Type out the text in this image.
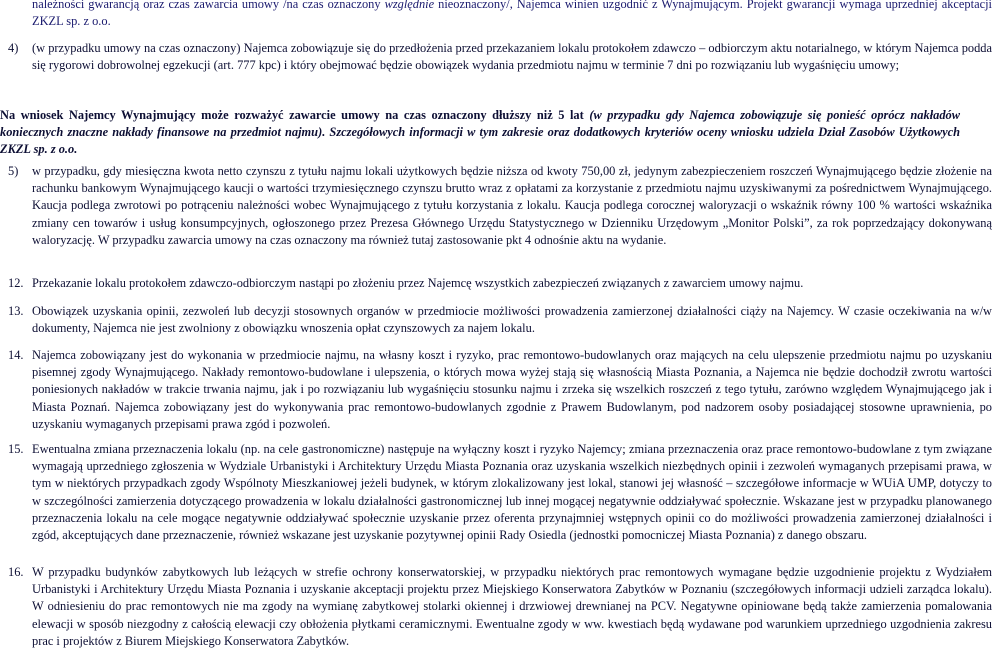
należności gwarancją oraz czas zawarcia umowy /na czas oznaczony względnie nieoznaczony/, Najemca winien uzgodnić z Wynajmującym. Projekt gwarancji wymaga uprzedniej akceptacji ZKZL sp. z o.o.

4) (w przypadku umowy na czas oznaczony) Najemca zobowiązuje się do przedłożenia przed przekazaniem lokalu protokołem zdawczo – odbiorczym aktu notarialnego, w którym Najemca podda się rygorowi dobrowolnej egzekucji (art. 777 kpc) i który obejmować będzie obowiązek wydania przedmiotu najmu w terminie 7 dni po rozwiązaniu lub wygaśnięciu umowy;

Na wniosek Najemcy Wynajmujący może rozważyć zawarcie umowy na czas oznaczony dłuższy niż 5 lat (w przypadku gdy Najemca zobowiązuje się ponieść oprócz nakładów koniecznych znaczne nakłady finansowe na przedmiot najmu). Szczegółowych informacji w tym zakresie oraz dodatkowych kryteriów oceny wniosku udziela Dział Zasobów Użytkowych ZKZL sp. z o.o.

5) w przypadku, gdy miesięczna kwota netto czynszu z tytułu najmu lokali użytkowych będzie niższa od kwoty 750,00 zł, jedynym zabezpieczeniem roszczeń Wynajmującego będzie złożenie na rachunku bankowym Wynajmującego kaucji o wartości trzymiesięcznego czynszu brutto wraz z opłatami za korzystanie z przedmiotu najmu uzyskiwanymi za pośrednictwem Wynajmującego. Kaucja podlega zwrotowi po potrąceniu należności wobec Wynajmującego z tytułu korzystania z lokalu. Kaucja podlega corocznej waloryzacji o wskaźnik równy 100 % wartości wskaźnika zmiany cen towarów i usług konsumpcyjnych, ogłoszonego przez Prezesa Głównego Urzędu Statystycznego w Dzienniku Urzędowym „Monitor Polski”, za rok poprzedzający dokonywaną waloryzację. W przypadku zawarcia umowy na czas oznaczony ma również tutaj zastosowanie pkt 4 odnośnie aktu na wydanie.

12. Przekazanie lokalu protokołem zdawczo-odbiorczym nastąpi po złożeniu przez Najemcę wszystkich zabezpieczeń związanych z zawarciem umowy najmu.

13. Obowiązek uzyskania opinii, zezwoleń lub decyzji stosownych organów w przedmiocie możliwości prowadzenia zamierzonej działalności ciąży na Najemcy. W czasie oczekiwania na w/w dokumenty, Najemca nie jest zwolniony z obowiązku wnoszenia opłat czynszowych za najem lokalu.

14. Najemca zobowiązany jest do wykonania w przedmiocie najmu, na własny koszt i ryzyko, prac remontowo-budowlanych oraz mających na celu ulepszenie przedmiotu najmu po uzyskaniu pisemnej zgody Wynajmującego. Nakłady remontowo-budowlane i ulepszenia, o których mowa wyżej stają się własnością Miasta Poznania, a Najemca nie będzie dochodził zwrotu wartości poniesionych nakładów w trakcie trwania najmu, jak i po rozwiązaniu lub wygaśnięciu stosunku najmu i zrzeka się wszelkich roszczeń z tego tytułu, zarówno względem Wynajmującego jak i Miasta Poznań. Najemca zobowiązany jest do wykonywania prac remontowo-budowlanych zgodnie z Prawem Budowlanym, pod nadzorem osoby posiadającej stosowne uprawnienia, po uzyskaniu wymaganych przepisami prawa zgód i pozwoleń.

15. Ewentualna zmiana przeznaczenia lokalu (np. na cele gastronomiczne) następuje na wyłączny koszt i ryzyko Najemcy; zmiana przeznaczenia oraz prace remontowo-budowlane z tym związane wymagają uprzedniego zgłoszenia w Wydziale Urbanistyki i Architektury Urzędu Miasta Poznania oraz uzyskania wszelkich niezbędnych opinii i zezwoleń wymaganych przepisami prawa, w tym w niektórych przypadkach zgody Wspólnoty Mieszkaniowej jeżeli budynek, w którym zlokalizowany jest lokal, stanowi jej własność – szczegółowe informacje w WUiA UMP, dotyczy to w szczególności zamierzenia dotyczącego prowadzenia w lokalu działalności gastronomicznej lub innej mogącej negatywnie oddziaływać społecznie. Wskazane jest w przypadku planowanego przeznaczenia lokalu na cele mogące negatywnie oddziaływać społecznie uzyskanie przez oferenta przynajmniej wstępnych opinii co do możliwości prowadzenia zamierzonej działalności i zgód, akceptujących dane przeznaczenie, również wskazane jest uzyskanie pozytywnej opinii Rady Osiedla (jednostki pomocniczej Miasta Poznania) z danego obszaru.

16. W przypadku budynków zabytkowych lub leżących w strefie ochrony konserwatorskiej, w przypadku niektórych prac remontowych wymagane będzie uzgodnienie projektu z Wydziałem Urbanistyki i Architektury Urzędu Miasta Poznania i uzyskanie akceptacji projektu przez Miejskiego Konserwatora Zabytków w Poznaniu (szczegółowych informacji udzieli zarządca lokalu). W odniesieniu do prac remontowych nie ma zgody na wymianę zabytkowej stolarki okiennej i drzwiowej drewnianej na PCV. Negatywne opiniowane będą także zamierzenia pomalowania elewacji w sposób niezgodny z całością elewacji czy obłożenia płytkami ceramicznymi. Ewentualne zgody w ww. kwestiach będą wydawane pod warunkiem uprzedniego uzgodnienia zakresu prac i projektów z Biurem Miejskiego Konserwatora Zabytków.
